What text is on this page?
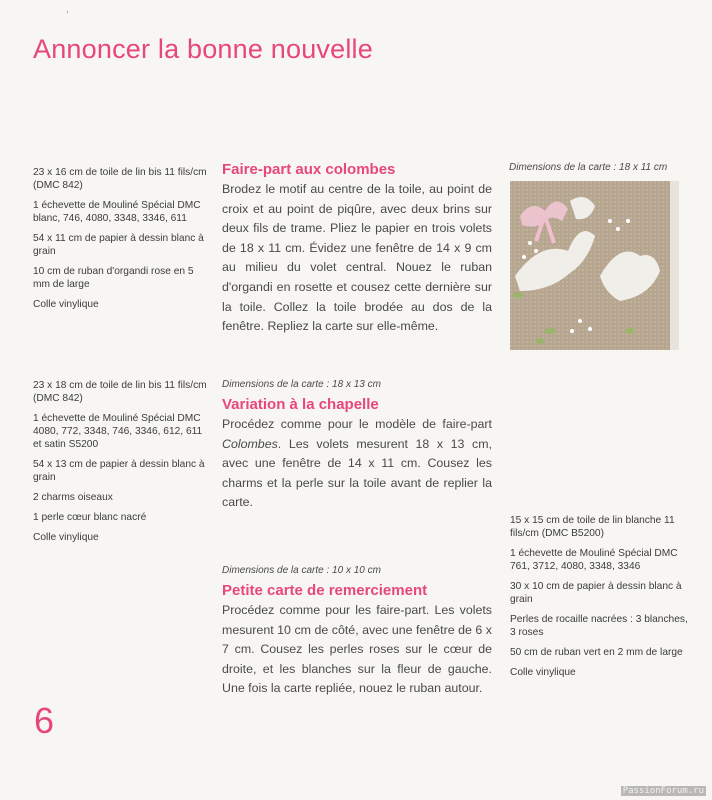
,
Annoncer la bonne nouvelle

23 x 16 cm de toile de lin bis 11 fils/cm (DMC 842)

1 échevette de Mouliné Spécial DMC blanc, 746, 4080, 3348, 3346, 611

54 x 11 cm de papier à dessin blanc à grain

10 cm de ruban d'organdi rose en 5 mm de large

Colle vinylique

Faire-part aux colombes

Brodez le motif au centre de la toile, au point de croix et au point de piqûre, avec deux brins sur deux fils de trame. Pliez le papier en trois volets de 18 x 11 cm. Évidez une fenêtre de 14 x 9 cm au milieu du volet central. Nouez le ruban d'organdi en rosette et cousez cette dernière sur la toile. Collez la toile brodée au dos de la fenêtre. Repliez la carte sur elle-même.

Dimensions de la carte : 18 x 11 cm

23 x 18 cm de toile de lin bis 11 fils/cm (DMC 842)

1 échevette de Mouliné Spécial DMC 4080, 772, 3348, 746, 3346, 612, 611 et satin S5200

54 x 13 cm de papier à dessin blanc à grain

2 charms oiseaux

1 perle cœur blanc nacré

Colle vinylique

Dimensions de la carte : 18 x 13 cm

Variation à la chapelle

Procédez comme pour le modèle de faire-part Colombes. Les volets mesurent 18 x 13 cm, avec une fenêtre de 14 x 11 cm. Cousez les charms et la perle sur la toile avant de replier la carte.

15 x 15 cm de toile de lin blanche 11 fils/cm (DMC B5200)

1 échevette de Mouliné Spécial DMC 761, 3712, 4080, 3348, 3346

30 x 10 cm de papier à dessin blanc à grain

Perles de rocaille nacrées : 3 blanches, 3 roses

50 cm de ruban vert en 2 mm de large

Colle vinylique

Dimensions de la carte : 10 x 10 cm

Petite carte de remerciement

Procédez comme pour les faire-part. Les volets mesurent 10 cm de côté, avec une fenêtre de 6 x 7 cm. Cousez les perles roses sur le cœur de droite, et les blanches sur la fleur de gauche. Une fois la carte repliée, nouez le ruban autour.

6
PassionForum.ru
